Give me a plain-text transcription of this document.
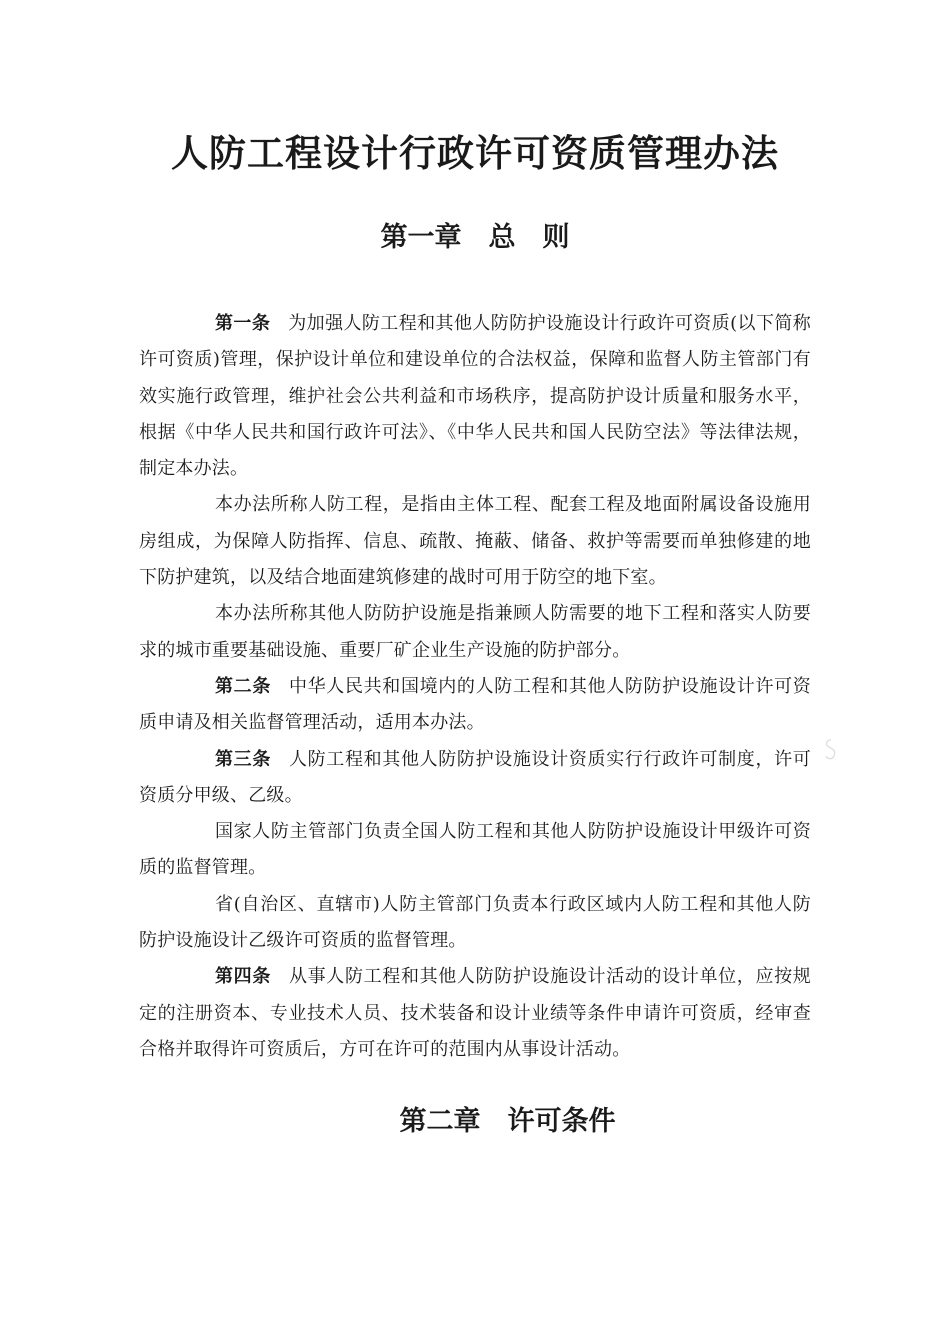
人防工程设计行政许可资质管理办法
第一章　总　则

第一条 为加强人防工程和其他人防防护设施设计行政许可资质(以下简称许可资质)管理，保护设计单位和建设单位的合法权益，保障和监督人防主管部门有效实施行政管理，维护社会公共利益和市场秩序，提高防护设计质量和服务水平，根据《中华人民共和国行政许可法》、《中华人民共和国人民防空法》等法律法规，制定本办法。

本办法所称人防工程，是指由主体工程、配套工程及地面附属设备设施用房组成，为保障人防指挥、信息、疏散、掩蔽、储备、救护等需要而单独修建的地下防护建筑，以及结合地面建筑修建的战时可用于防空的地下室。

本办法所称其他人防防护设施是指兼顾人防需要的地下工程和落实人防要求的城市重要基础设施、重要厂矿企业生产设施的防护部分。

第二条 中华人民共和国境内的人防工程和其他人防防护设施设计许可资质申请及相关监督管理活动，适用本办法。

第三条 人防工程和其他人防防护设施设计资质实行行政许可制度，许可资质分甲级、乙级。

国家人防主管部门负责全国人防工程和其他人防防护设施设计甲级许可资质的监督管理。

省(自治区、直辖市)人防主管部门负责本行政区域内人防工程和其他人防防护设施设计乙级许可资质的监督管理。

第四条 从事人防工程和其他人防防护设施设计活动的设计单位，应按规定的注册资本、专业技术人员、技术装备和设计业绩等条件申请许可资质，经审查合格并取得许可资质后，方可在许可的范围内从事设计活动。

第二章　许可条件
